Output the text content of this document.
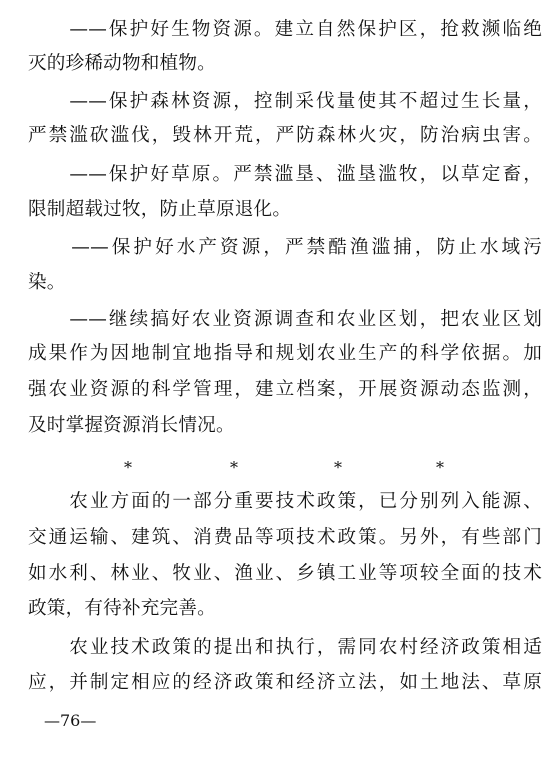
　　——保护好生物资源。建立自然保护区，抢救濒临绝
灭的珍稀动物和植物。
　　——保护森林资源，控制采伐量使其不超过生长量，
严禁滥砍滥伐，毁林开荒，严防森林火灾，防治病虫害。
　　——保护好草原。严禁滥垦、滥垦滥牧，以草定畜，
限制超载过牧，防止草原退化。
　　——保护好水产资源，严禁酷渔滥捕，防止水域污
染。
　　——继续搞好农业资源调查和农业区划，把农业区划
成果作为因地制宜地指导和规划农业生产的科学依据。加
强农业资源的科学管理，建立档案，开展资源动态监测，
及时掌握资源消长情况。
*	*	*	*
　　农业方面的一部分重要技术政策，已分别列入能源、
交通运输、建筑、消费品等项技术政策。另外，有些部门
如水利、林业、牧业、渔业、乡镇工业等项较全面的技术
政策，有待补充完善。
　　农业技术政策的提出和执行，需同农村经济政策相适
应，并制定相应的经济政策和经济立法，如土地法、草原
—76—
